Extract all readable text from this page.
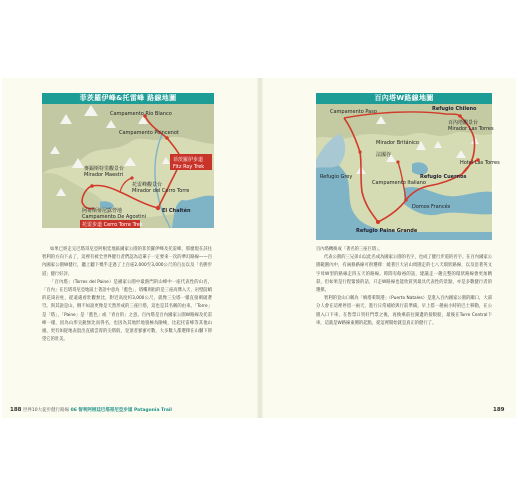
菲茨羅伊峰&托雷峰 路線地圖
Campamento Río Blanco
Campamento Poincenot
菲茨羅伊步道
Fitz Roy Trek
麥錫斯特里觀景台
Mirador Maestri
托雷峰觀景台
Mirador del Cerro Torre
El Chaltén
阿哥斯蒂尼露營地
Campamento De Agostini
托雷步道 Cerro Torre Trek

如果已經走完巴塔哥尼亞阿根廷地區國家公園的菲茨羅伊峰及托雷峰，那麼現在該往智利的方向下去了，這裡有被全世界健行者們認為這輩子一定要來一次的夢幻路線——百內國家公園W健行，聽上聽下幾乎走過了上百座2,000至3,000公尺的百岳以及「名勝步道」健行好評。

「百內塔」（Torres del Paine）是國家公園中最熱門的山峰中一座代表性的山名，「百內」在巴塔哥尼亞地區土著語中意為「藍色」，塔樓則指的是三座高聳入天、岩壁陡峭的花崗岩柱，從遠處看壯觀無比，附近高度約3,000公尺，就像三尖塔一樣直接刺破蒼穹。與其說是山，倒不如說更像是天然形成的三座巨塔，這也是其名稱的由來。「Torre」是「塔」，「Paine」是「藍色」或「青白的」之意。百內塔是百內國家公園W路線及托雷峰一樣，因為山形尖銳無比而得名，也因為其地形地貌極為險峻，比起托雷峰等其他山頭，更有如從地表竄出直插雲霄的尖塔般，登頂者寥寥可數，大多數人都選擇在山腳下仰望它的壯美。

188 世界10大徒步健行路線 06 智利阿根廷巴塔哥尼亞步道 Patagonia Trail
百內塔W路線地圖
Campamento Paso	Refugio Chileno
百內塔觀景台
Mirador Las Torres
Hotel Las Torres
Mirador Británico
法國谷
Campamento Italiano
Refugio Grey	Refugio Cuernos
Domos Francés
Refugio Paine Grande

百內塔轉換成「著名的三座巨塔」。

代表公園的三兄弟山以此名成為國家公園的名字，也成了健行步道的名字。在百內國家公園範圍內中，有兩條路線可供選擇：繞著巨大岩山周圍走的七八天環狀路線，以及沿著英文字母W型的路線走四五天的路線。時間有餘裕的話，建議走一趟完整的環狀路線會更加精彩，但如果是行程緊湊的話，只走W路線也能欣賞到最具代表性的景點，亦是多數健行者的選擇。

智利的登山口稱為「納塔萊斯港」（Puerto Natales）是進入百內國家公園的關口，大部分人會在這裡停留一兩天，進行日常補給與行前準備。早上搭一趟兩小時的巴士移動，在公園入口下車，在售票口買好門票之後，再換乘前往湖邊的接駁船，最後在Torre Central下車，這就是W路線東側的起點，從這裡開始就是真正的健行了。

189
